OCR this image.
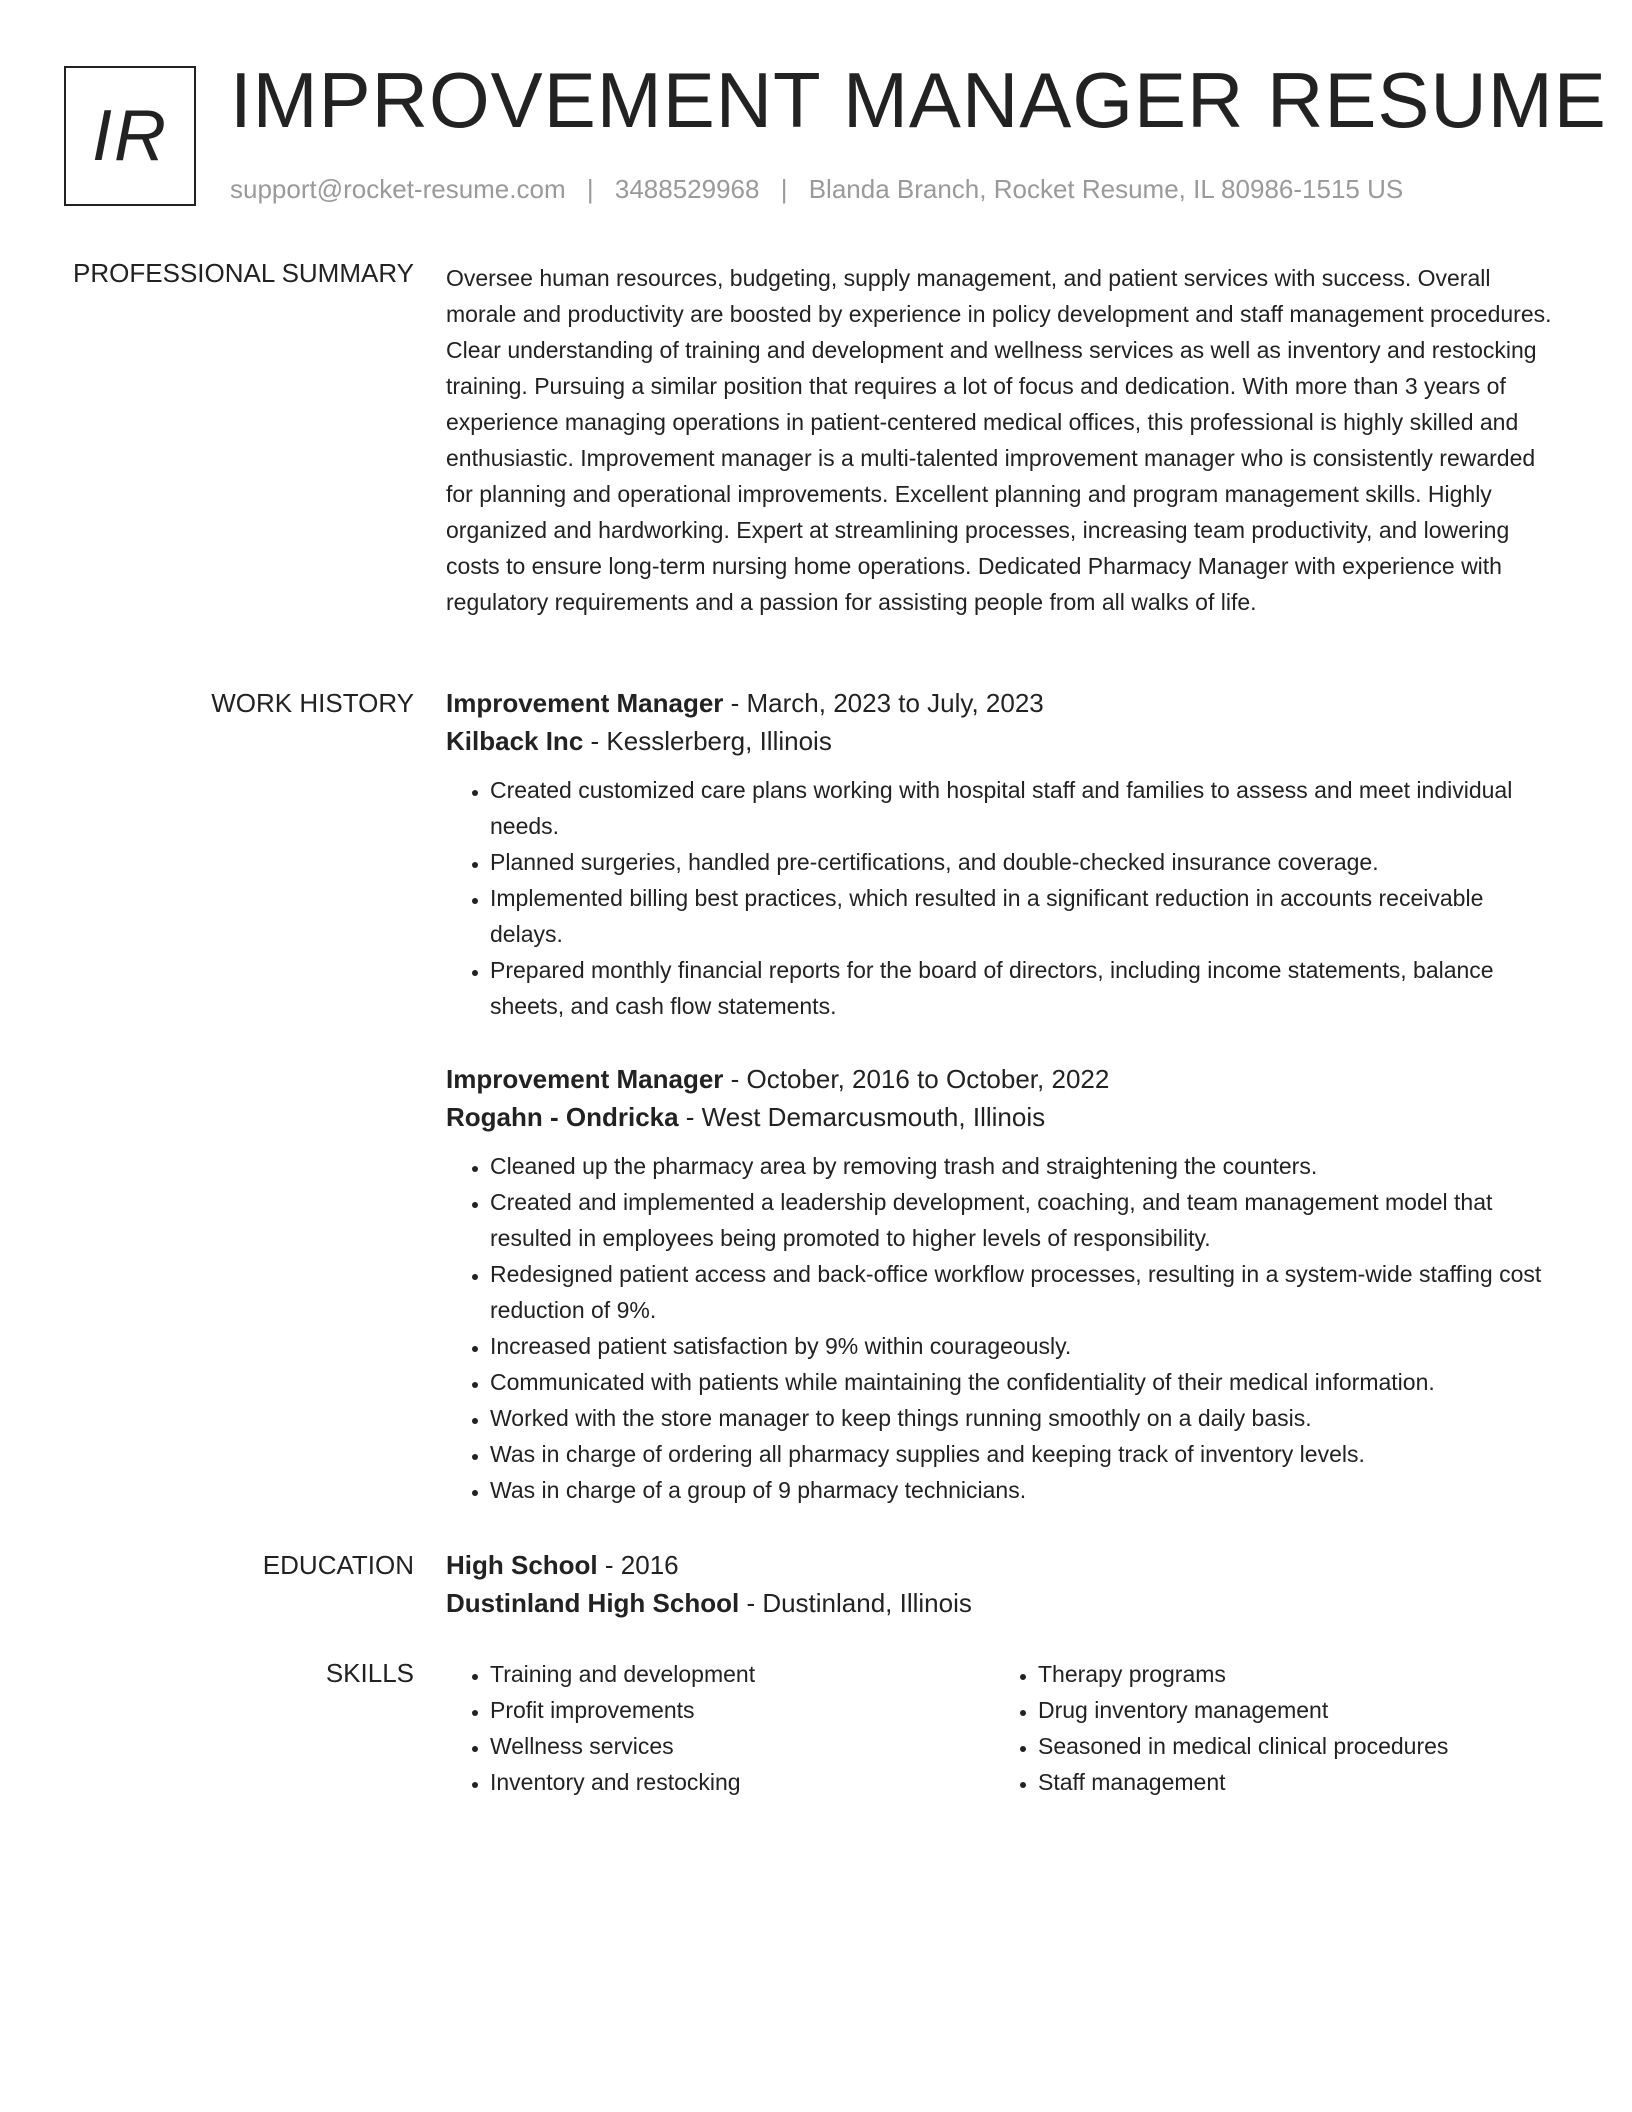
IR IMPROVEMENT MANAGER RESUME
support@rocket-resume.com | 3488529968 | Blanda Branch, Rocket Resume, IL 80986-1515 US
PROFESSIONAL SUMMARY Oversee human resources, budgeting, supply management, and patient services with success. Overall morale and productivity are boosted by experience in policy development and staff management procedures. Clear understanding of training and development and wellness services as well as inventory and restocking training. Pursuing a similar position that requires a lot of focus and dedication. With more than 3 years of experience managing operations in patient-centered medical offices, this professional is highly skilled and enthusiastic. Improvement manager is a multi-talented improvement manager who is consistently rewarded for planning and operational improvements. Excellent planning and program management skills. Highly organized and hardworking. Expert at streamlining processes, increasing team productivity, and lowering costs to ensure long-term nursing home operations. Dedicated Pharmacy Manager with experience with regulatory requirements and a passion for assisting people from all walks of life.

WORK HISTORY Improvement Manager - March, 2023 to July, 2023
Kilback Inc - Kesslerberg, Illinois
• Created customized care plans working with hospital staff and families to assess and meet individual needs.
• Planned surgeries, handled pre-certifications, and double-checked insurance coverage.
• Implemented billing best practices, which resulted in a significant reduction in accounts receivable delays.
• Prepared monthly financial reports for the board of directors, including income statements, balance sheets, and cash flow statements.
Improvement Manager - October, 2016 to October, 2022
Rogahn - Ondricka - West Demarcusmouth, Illinois
• Cleaned up the pharmacy area by removing trash and straightening the counters.
• Created and implemented a leadership development, coaching, and team management model that resulted in employees being promoted to higher levels of responsibility.
• Redesigned patient access and back-office workflow processes, resulting in a system-wide staffing cost reduction of 9%.
• Increased patient satisfaction by 9% within courageously.
• Communicated with patients while maintaining the confidentiality of their medical information.
• Worked with the store manager to keep things running smoothly on a daily basis.
• Was in charge of ordering all pharmacy supplies and keeping track of inventory levels.
• Was in charge of a group of 9 pharmacy technicians.
EDUCATION High School - 2016
Dustinland High School - Dustinland, Illinois
SKILLS
•	Training and development
• Profit improvements
• Wellness services
• Inventory and restocking
• Therapy programs
• Drug inventory management
• Seasoned in medical clinical procedures
• Staff management
